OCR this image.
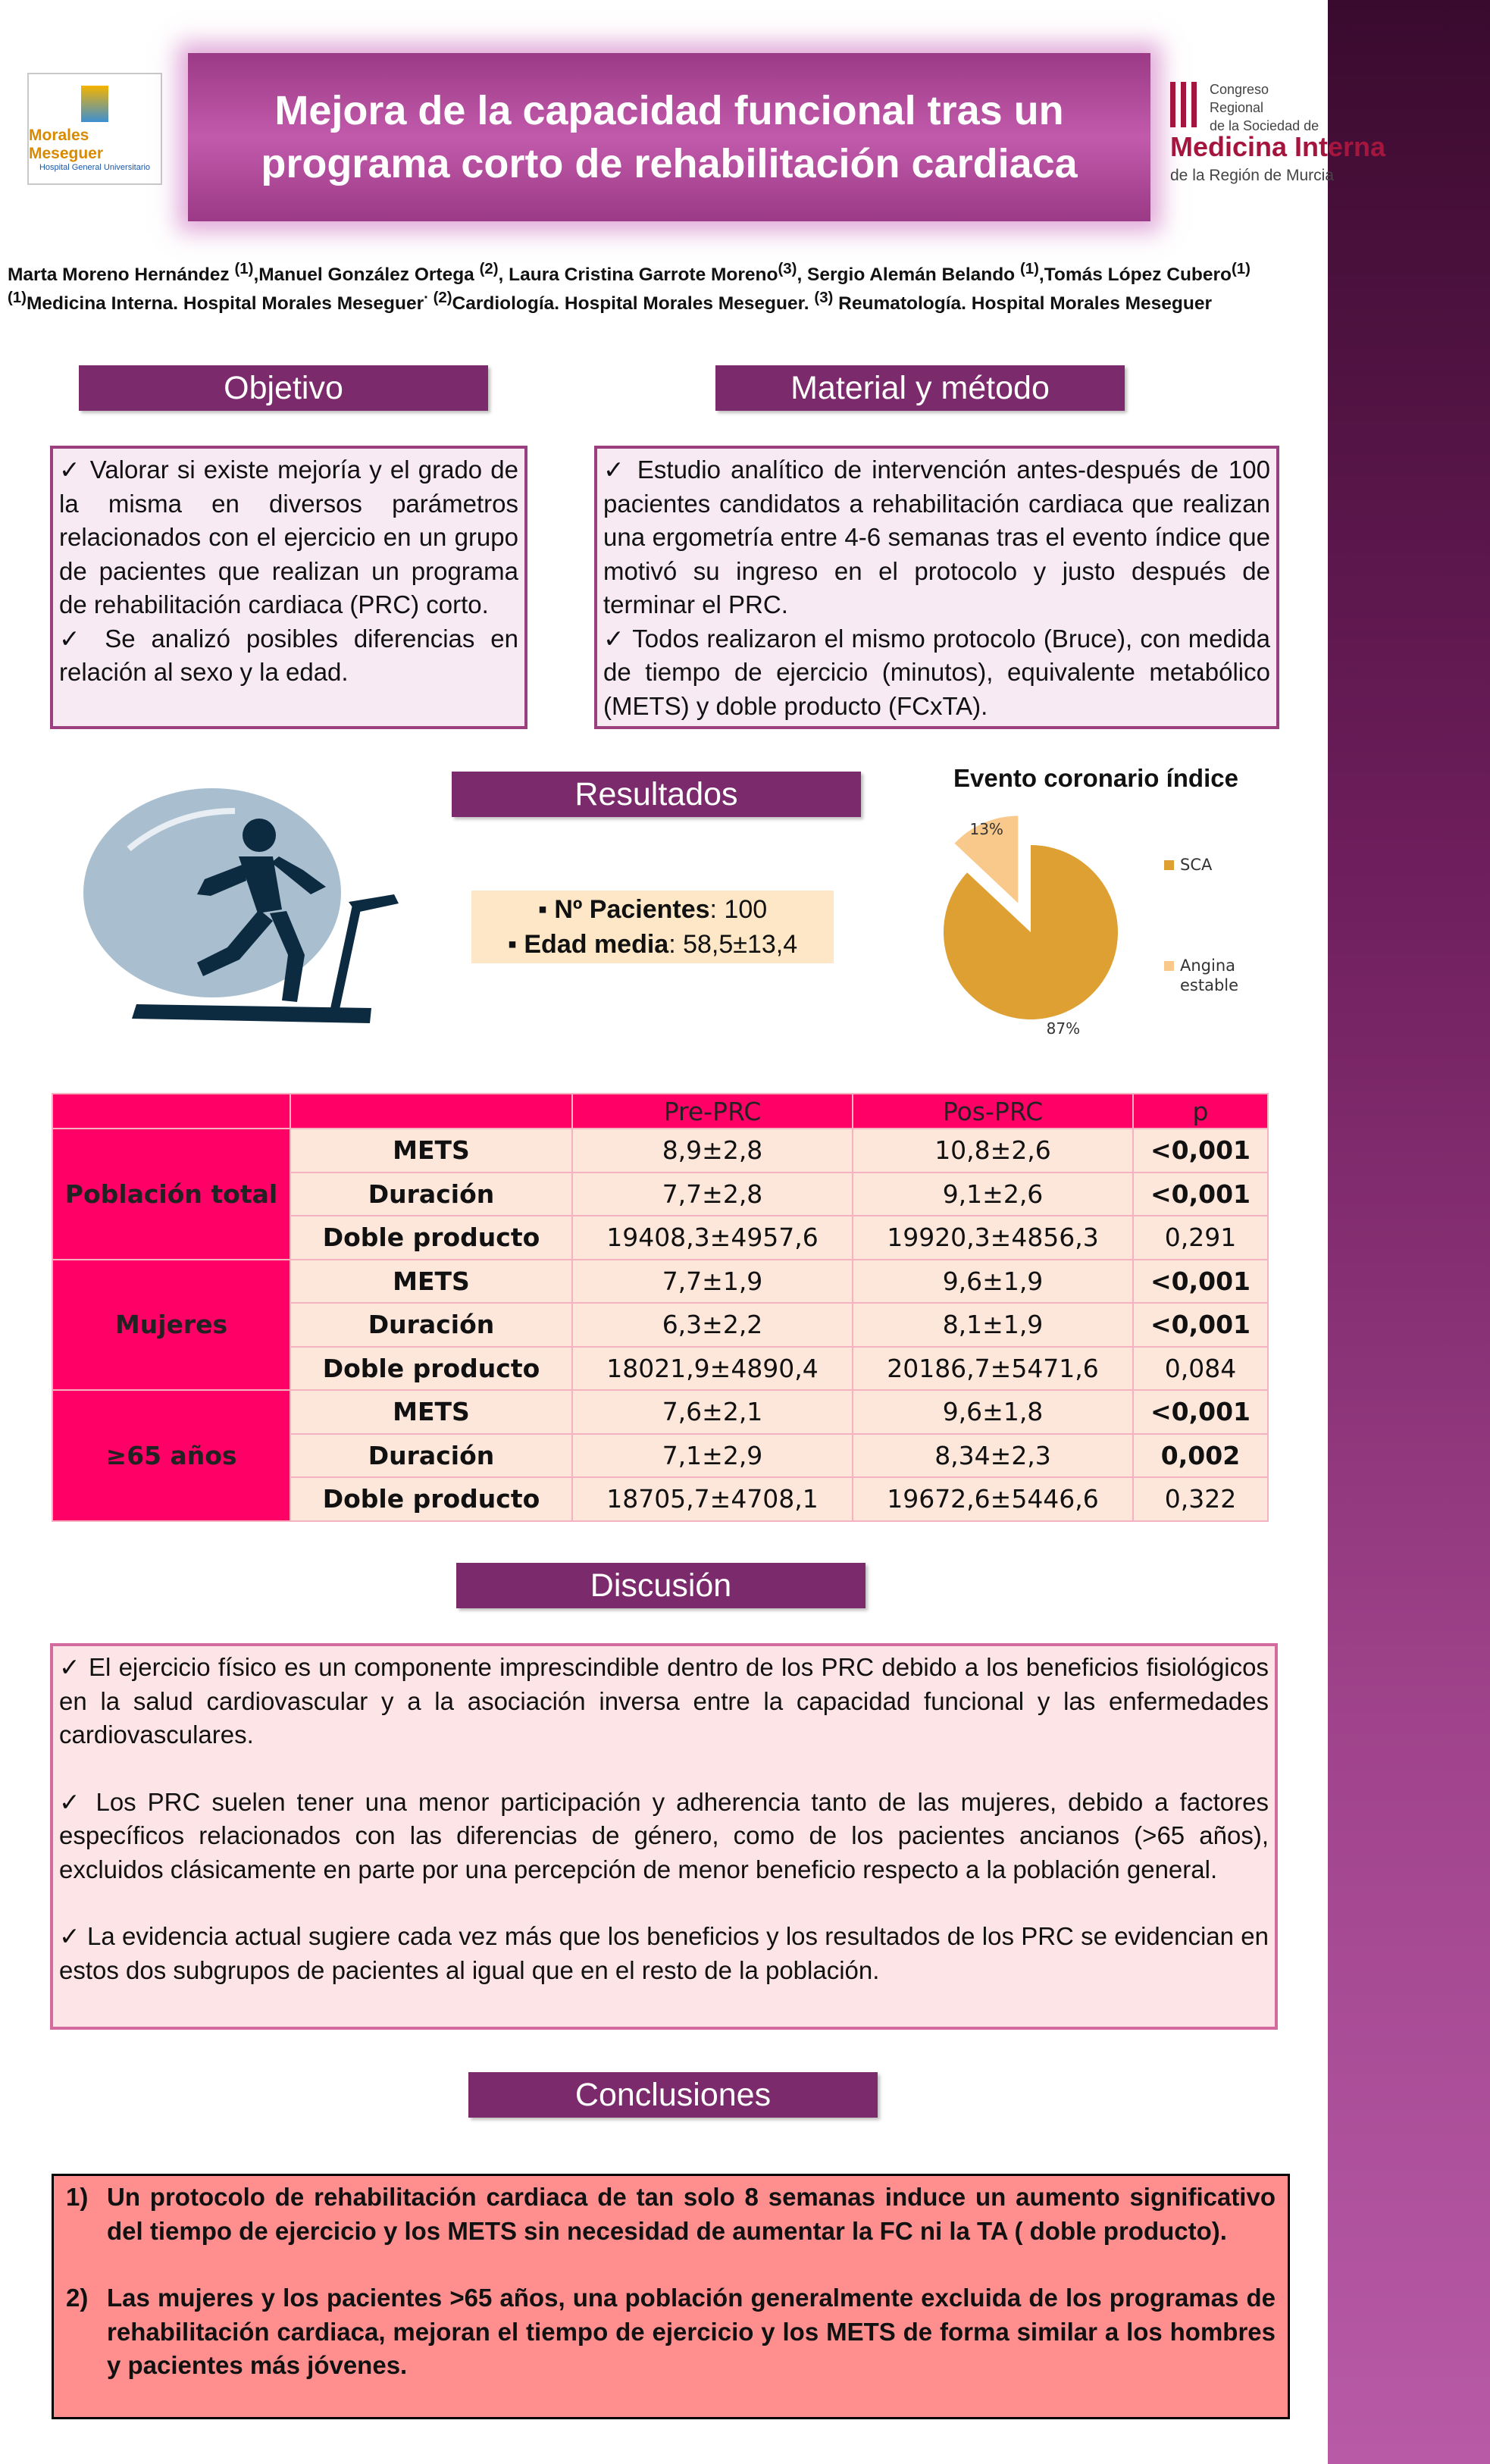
Morales Meseguer
Hospital General Universitario
Mejora de la capacidad funcional tras un programa corto de rehabilitación cardiaca
Congreso Regional
de la Sociedad de
Medicina Interna
de la Región de Murcia
Marta Moreno Hernández $^{(1)}$,Manuel González Ortega $^{(2)}$, Laura Cristina Garrote Moreno$^{(3)}$, Sergio Alemán Belando $^{(1)}$,Tomás López Cubero$^{(1)}$
$^{(1)}$Medicina Interna. Hospital Morales Meseguer$^{\cdot (2)}$Cardiología. Hospital Morales Meseguer. $^{(3)}$ Reumatología. Hospital Morales Meseguer
Objetivo	Material y método

✓ Valorar si existe mejoría y el grado de la misma en diversos parámetros relacionados con el ejercicio en un grupo de pacientes que realizan un programa de rehabilitación cardiaca (PRC) corto.

✓ Se analizó posibles diferencias en relación al sexo y la edad.

✓ Estudio analítico de intervención antes-después de 100 pacientes candidatos a rehabilitación cardiaca que realizan una ergometría entre 4-6 semanas tras el evento índice que motivó su ingreso en el protocolo y justo después de terminar el PRC.

✓ Todos realizaron el mismo protocolo (Bruce), con medida de tiempo de ejercicio (minutos), equivalente metabólico (METS) y doble producto (FCxTA).

Resultados
▪ Nº Pacientes: 100
▪ Edad media: 58,5±13,4
Evento coronario índice
87%
13%
SCA
Angina estable
		Pre-PRC	Pos-PRC	p
Población total	METS	8,9±2,8	10,8±2,6	<0,001
	Duración	7,7±2,8	9,1±2,6	<0,001
	Doble producto	19408,3±4957,6	19920,3±4856,3	0,291
Mujeres	METS	7,7±1,9	9,6±1,9	<0,001
	Duración	6,3±2,2	8,1±1,9	<0,001
	Doble producto	18021,9±4890,4	20186,7±5471,6	0,084
≥65 años	METS	7,6±2,1	9,6±1,8	<0,001
	Duración	7,1±2,9	8,34±2,3	0,002
	Doble producto	18705,7±4708,1	19672,6±5446,6	0,322
Discusión

✓ El ejercicio físico es un componente imprescindible dentro de los PRC debido a los beneficios fisiológicos en la salud cardiovascular y a la asociación inversa entre la capacidad funcional y las enfermedades cardiovasculares.

✓ Los PRC suelen tener una menor participación y adherencia tanto de las mujeres, debido a factores específicos relacionados con las diferencias de género, como de los pacientes ancianos (>65 años), excluidos clásicamente en parte por una percepción de menor beneficio respecto a la población general.

✓ La evidencia actual sugiere cada vez más que los beneficios y los resultados de los PRC se evidencian en estos dos subgrupos de pacientes al igual que en el resto de la población.

Conclusiones
1) Un protocolo de rehabilitación cardiaca de tan solo 8 semanas induce un aumento significativo del tiempo de ejercicio y los METS sin necesidad de aumentar la FC ni la TA ( doble producto).
2) Las mujeres y los pacientes >65 años, una población generalmente excluida de los programas de rehabilitación cardiaca, mejoran el tiempo de ejercicio y los METS de forma similar a los hombres y pacientes más jóvenes.
